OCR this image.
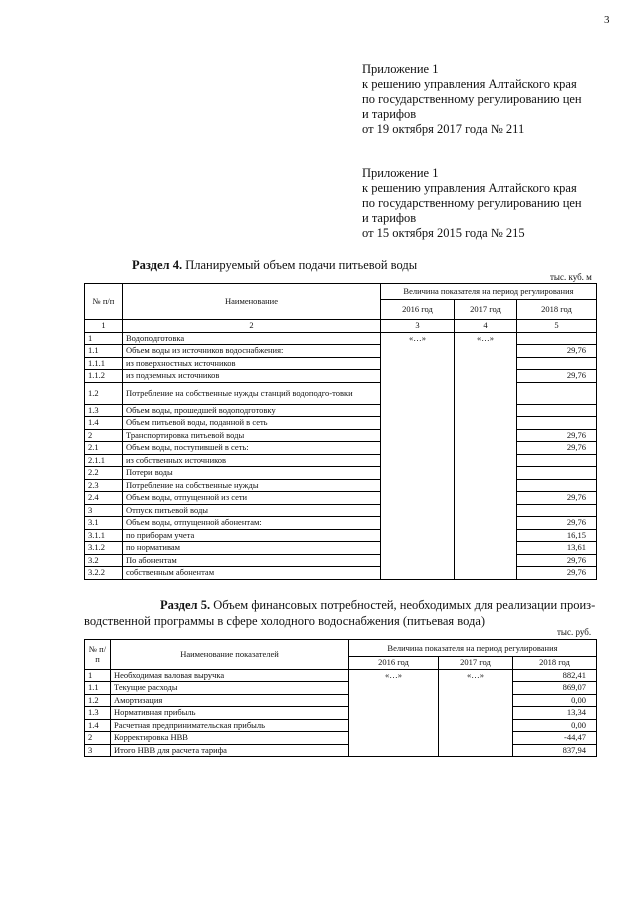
3
Приложение 1
к решению управления Алтайского края
по государственному регулированию цен
и тарифов
от 19 октября 2017 года № 211
Приложение 1
к решению управления Алтайского края
по государственному регулированию цен
и тарифов
от 15 октября 2015 года № 215
Раздел 4. Планируемый объем подачи питьевой воды
тыс. куб. м
№ п/п	Наименование	Величина показателя на период регулирования		
		2016 год	2017 год	2018 год
1	2	3	4	5
1	Водоподготовка	«…»	«…»	
1.1	Объем воды из источников водоснабжения:			29,76
1.1.1	из поверхностных источников			
1.1.2	из подземных источников			29,76
1.2	Потребление на собственные нужды станций водоподго-товки			
1.3	Объем воды, прошедшей водоподготовку			
1.4	Объем питьевой воды, поданной в сеть			
2	Транспортировка питьевой воды			29,76
2.1	Объем воды, поступившей в сеть:			29,76
2.1.1	из собственных источников			
2.2	Потери воды			
2.3	Потребление на собственные нужды			
2.4	Объем воды, отпущенной из сети			29,76
3	Отпуск питьевой воды			
3.1	Объем воды, отпущенной абонентам:			29,76
3.1.1	по приборам учета			16,15
3.1.2	по нормативам			13,61
3.2	По абонентам			29,76
3.2.2	собственным абонентам			29,76
Раздел 5. Объем финансовых потребностей, необходимых для реализации произ-
водственной программы в сфере холодного водоснабжения (питьевая вода)
тыс. руб.
№ п/п	Наименование показателей	Величина показателя на период регулирования		
		2016 год	2017 год	2018 год
1	Необходимая валовая выручка	«…»	«…»	882,41
1.1	Текущие расходы			869,07
1.2	Амортизация			0,00
1.3	Нормативная прибыль			13,34
1.4	Расчетная предпринимательская прибыль			0,00
2	Корректировка НВВ			-44,47
3	Итого НВВ для расчета тарифа			837,94
